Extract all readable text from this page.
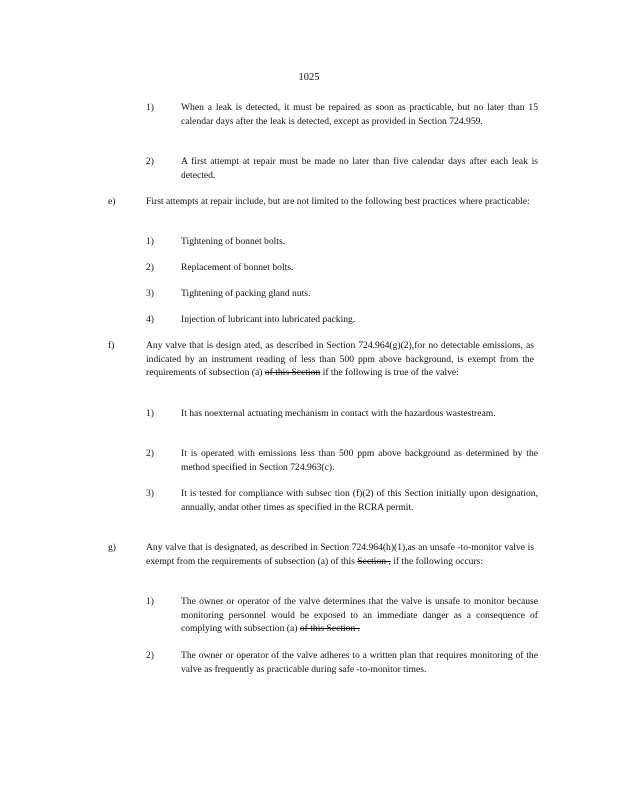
1025
1)	When a leak is detected, it must be repaired as soon as practicable, but no later than 15 calendar days after the leak is detected, except as provided in Section 724.959.
2)	A first attempt at repair must be made no later than five calendar days after each leak is detected.
e)	First attempts at repair include, but are not limited to the following best practices where practicable:
1)	Tightening of bonnet bolts.
2)	Replacement of bonnet bolts.
3)	Tightening of packing gland nuts.
4)	Injection of lubricant into lubricated packing.
f)	Any valve that is design ated, as described in Section 724.964(g)(2),for no detectable emissions, as indicated by an instrument reading of less than 500 ppm above background, is exempt from the requirements of subsection (a) of this Section if the following is true of the valve:
1)	It has noexternal actuating mechanism in contact with the hazardous wastestream.
2)	It is operated with emissions less than 500 ppm above background as determined by the method specified in Section 724.963(c).
3)	It is tested for compliance with subsec tion (f)(2) of this Section initially upon designation, annually, andat other times as specified in the RCRA permit.
g)	Any valve that is designated, as described in Section 724.964(h)(1),as an unsafe -to-monitor valve is exempt from the requirements of subsection (a) of this Section , if the following occurs:
1)	The owner or operator of the valve determines that the valve is unsafe to monitor because monitoring personnel would be exposed to an immediate danger as a consequence of complying with subsection (a) of this Section .
2)	The owner or operator of the valve adheres to a written plan that requires monitoring of the valve as frequently as practicable during safe -to-monitor times.
